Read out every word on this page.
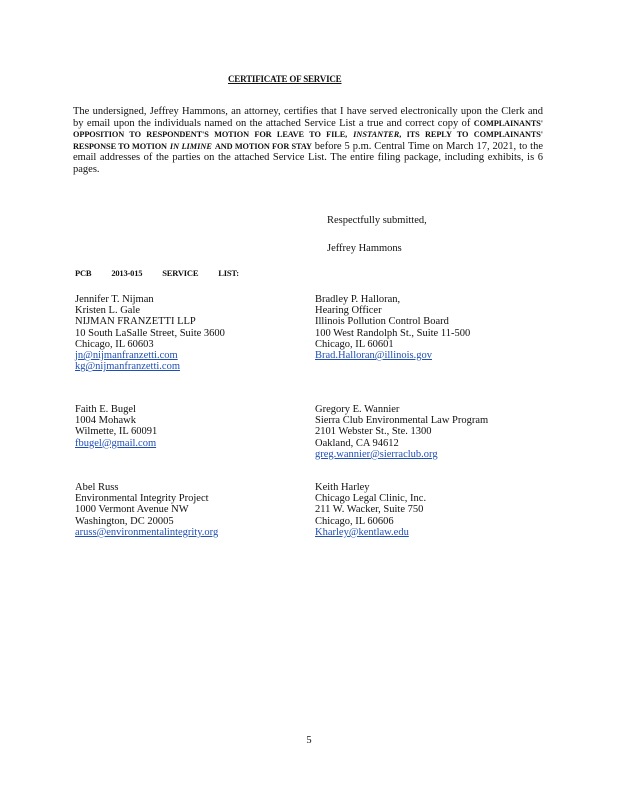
CERTIFICATE OF SERVICE

The undersigned, Jeffrey Hammons, an attorney, certifies that I have served electronically upon the Clerk and by email upon the individuals named on the attached Service List a true and correct copy of COMPLAINANTS' OPPOSITION TO RESPONDENT'S MOTION FOR LEAVE TO FILE, INSTANTER, ITS REPLY TO COMPLAINANTS' RESPONSE TO MOTION IN LIMINE AND MOTION FOR STAY before 5 p.m. Central Time on March 17, 2021, to the email addresses of the parties on the attached Service List. The entire filing package, including exhibits, is 6 pages.

Respectfully submitted,
Jeffrey Hammons
PCB 2013-015 SERVICE LIST:
Jennifer T. Nijman
Kristen L. Gale
NIJMAN FRANZETTI LLP
10 South LaSalle Street, Suite 3600
Chicago, IL 60603
jn@nijmanfranzetti.com
kg@nijmanfranzetti.com
Bradley P. Halloran,
Hearing Officer
Illinois Pollution Control Board
100 West Randolph St., Suite 11-500
Chicago, IL 60601
Brad.Halloran@illinois.gov
Faith E. Bugel
1004 Mohawk
Wilmette, IL 60091
fbugel@gmail.com
Gregory E. Wannier
Sierra Club Environmental Law Program
2101 Webster St., Ste. 1300
Oakland, CA 94612
greg.wannier@sierraclub.org
Abel Russ
Environmental Integrity Project
1000 Vermont Avenue NW
Washington, DC 20005
aruss@environmentalintegrity.org
Keith Harley
Chicago Legal Clinic, Inc.
211 W. Wacker, Suite 750
Chicago, IL 60606
Kharley@kentlaw.edu
5
